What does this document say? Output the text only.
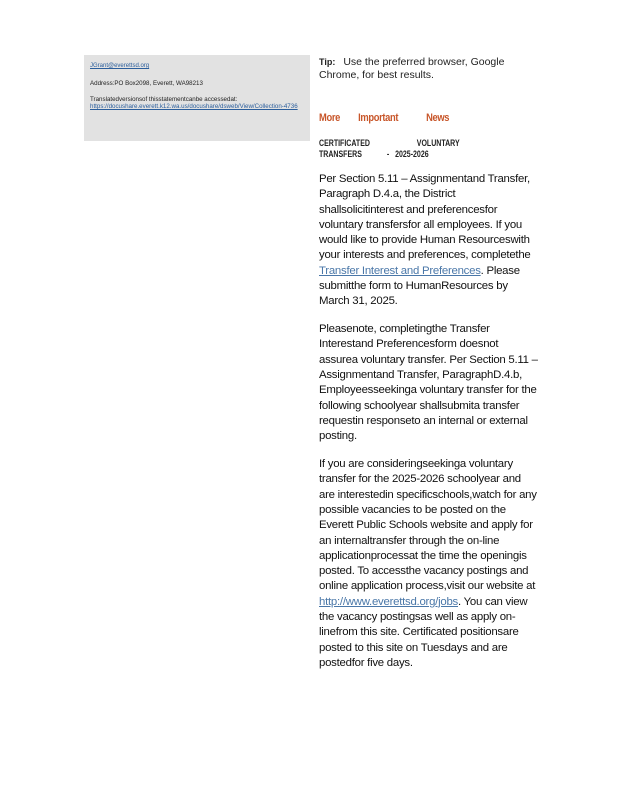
JGrant@everettsd.org
Address:PO Box2098, Everett, WA98213
Translatedversionsof thisstatementcanbe accessedat:
https://docushare.everett.k12.wa.us/docushare/dsweb/View/Collection-4736
Tip: Use the preferred browser, Google Chrome, for best results.
More Important	News
CERTIFICATED	VOLUNTARY
TRANSFERS	- 2025-2026

Per Section 5.11 – Assignmentand Transfer, Paragraph D.4.a, the District shallsolicitinterest and preferencesfor voluntary transfersfor all employees. If you would like to provide Human Resourceswith your interests and preferences, completethe Transfer Interest and Preferences. Please submitthe form to HumanResources by March 31, 2025.

Pleasenote, completingthe Transfer Interestand Preferencesform doesnot assurea voluntary transfer. Per Section 5.11 – Assignmentand Transfer, ParagraphD.4.b, Employeesseekinga voluntary transfer for the following schoolyear shallsubmita transfer requestin responseto an internal or external posting.

If you are consideringseekinga voluntary transfer for the 2025-2026 schoolyear and are interestedin specificschools,watch for any possible vacancies to be posted on the Everett Public Schools website and apply for an internaltransfer through the on-line applicationprocessat the time the openingis posted. To accessthe vacancy postings and online application process,visit our website at http://www.everettsd.org/jobs. You can view the vacancy postingsas well as apply on-linefrom this site. Certificated positionsare posted to this site on Tuesdays and are postedfor five days.
